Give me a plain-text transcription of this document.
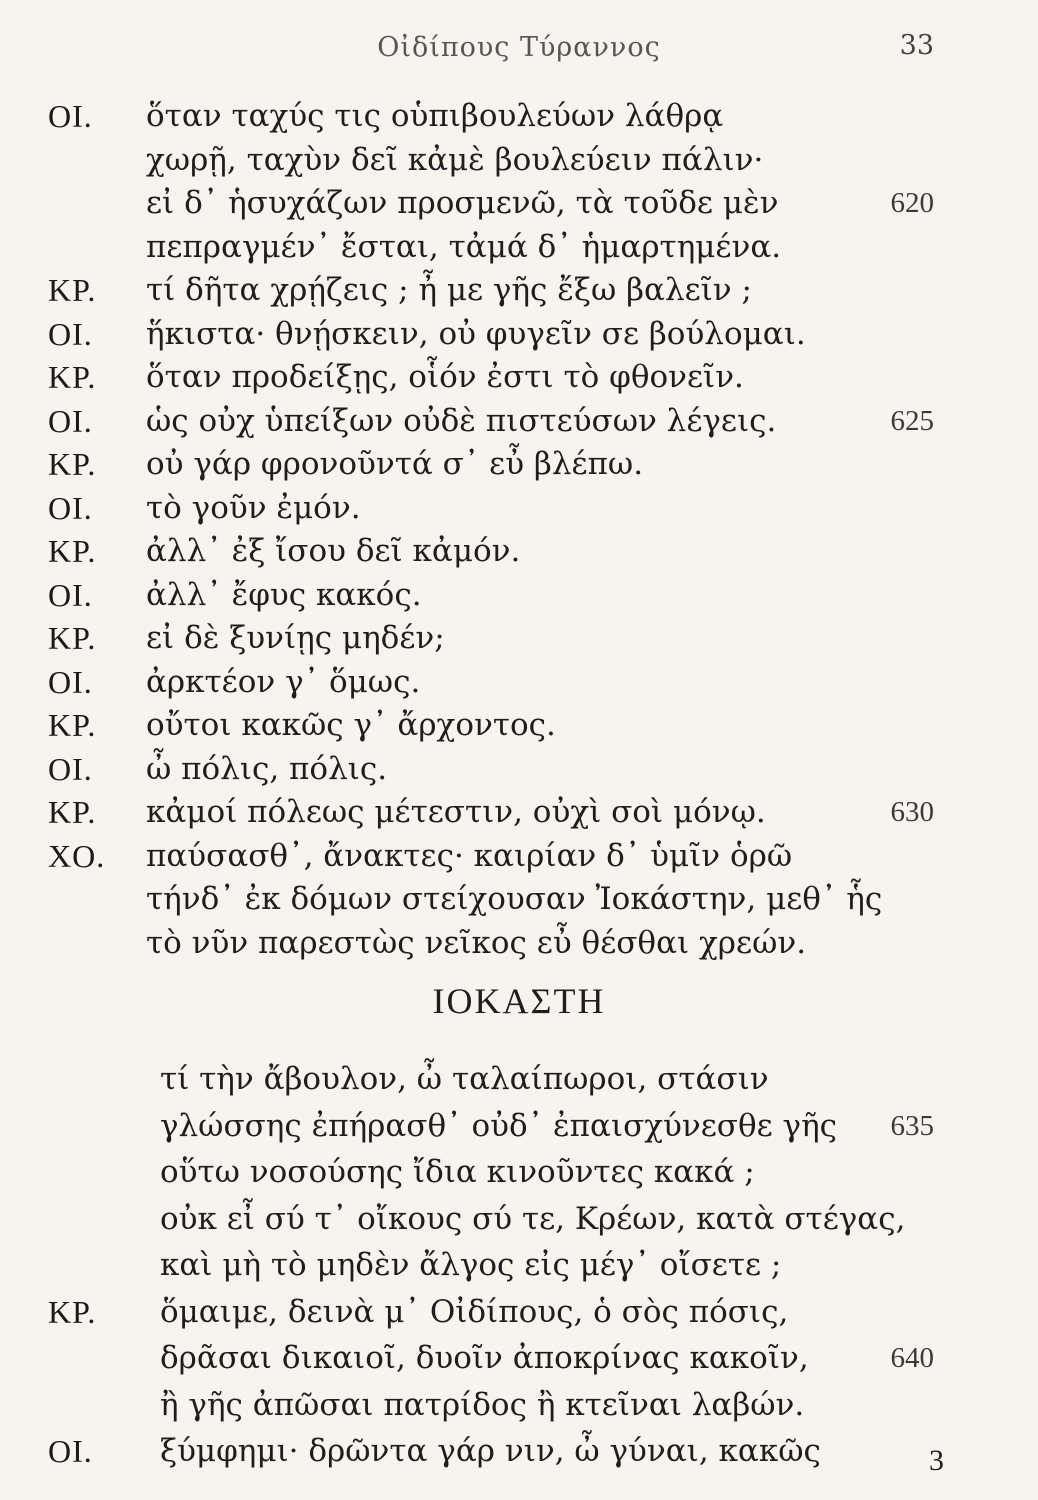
Οἰδίπους Τύραννος	33
ΟΙ. ὅταν ταχύς τις οὑπιβουλεύων λάθρᾳ
χωρῇ, ταχὺν δεῖ κἀμὲ βουλεύειν πάλιν·
εἰ δ᾽ ἡσυχάζων προσμενῶ, τὰ τοῦδε μὲν	620
πεπραγμέν᾽ ἔσται, τἀμά δ᾽ ἡμαρτημένα.
ΚΡ. τί δῆτα χρῄζεις ; ἦ με γῆς ἔξω βαλεῖν ;
ΟΙ. ἥκιστα· θνῄσκειν, οὐ φυγεῖν σε βούλομαι.
ΚΡ. ὅταν προδείξῃς, οἷόν ἐστι τὸ φθονεῖν.
ΟΙ. ὡς οὐχ ὑπείξων οὐδὲ πιστεύσων λέγεις.	625
ΚΡ. οὐ γάρ φρονοῦντά σ᾽ εὖ βλέπω.
ΟΙ. τὸ γοῦν ἐμόν.
ΚΡ. ἀλλ᾽ ἐξ ἴσου δεῖ κἀμόν.
ΟΙ. ἀλλ᾽ ἔφυς κακός.
ΚΡ. εἰ δὲ ξυνίῃς μηδέν;
ΟΙ. ἀρκτέον γ᾽ ὅμως.
ΚΡ. οὔτοι κακῶς γ᾽ ἄρχοντος.
ΟΙ. ὦ πόλις, πόλις.
ΚΡ. κἀμοί πόλεως μέτεστιν, οὐχὶ σοὶ μόνῳ.	630
ΧΟ. παύσασθ᾽, ἄνακτες· καιρίαν δ᾽ ὑμῖν ὁρῶ
τήνδ᾽ ἐκ δόμων στείχουσαν Ἰοκάστην, μεθ᾽ ἧς
τὸ νῦν παρεστὼς νεῖκος εὖ θέσθαι χρεών.
ΙΟΚΑΣΤΗ
τί τὴν ἄβουλον, ὦ ταλαίπωροι, στάσιν
γλώσσης ἐπήρασθ᾽ οὐδ᾽ ἐπαισχύνεσθε γῆς 635
οὕτω νοσούσης ἴδια κινοῦντες κακά ;
οὐκ εἶ σύ τ᾽ οἴκους σύ τε, Κρέων, κατὰ στέγας,
καὶ μὴ τὸ μηδὲν ἄλγος εἰς μέγ᾽ οἴσετε ;
ΚΡ. ὅμαιμε, δεινὰ μ᾽ Οἰδίπους, ὁ σὸς πόσις,
δρᾶσαι δικαιοῖ, δυοῖν ἀποκρίνας κακοῖν,	640
ἢ γῆς ἀπῶσαι πατρίδος ἢ κτεῖναι λαβών.
ΟΙ. ξύμφημι· δρῶντα γάρ νιν, ὦ γύναι, κακῶς	3
